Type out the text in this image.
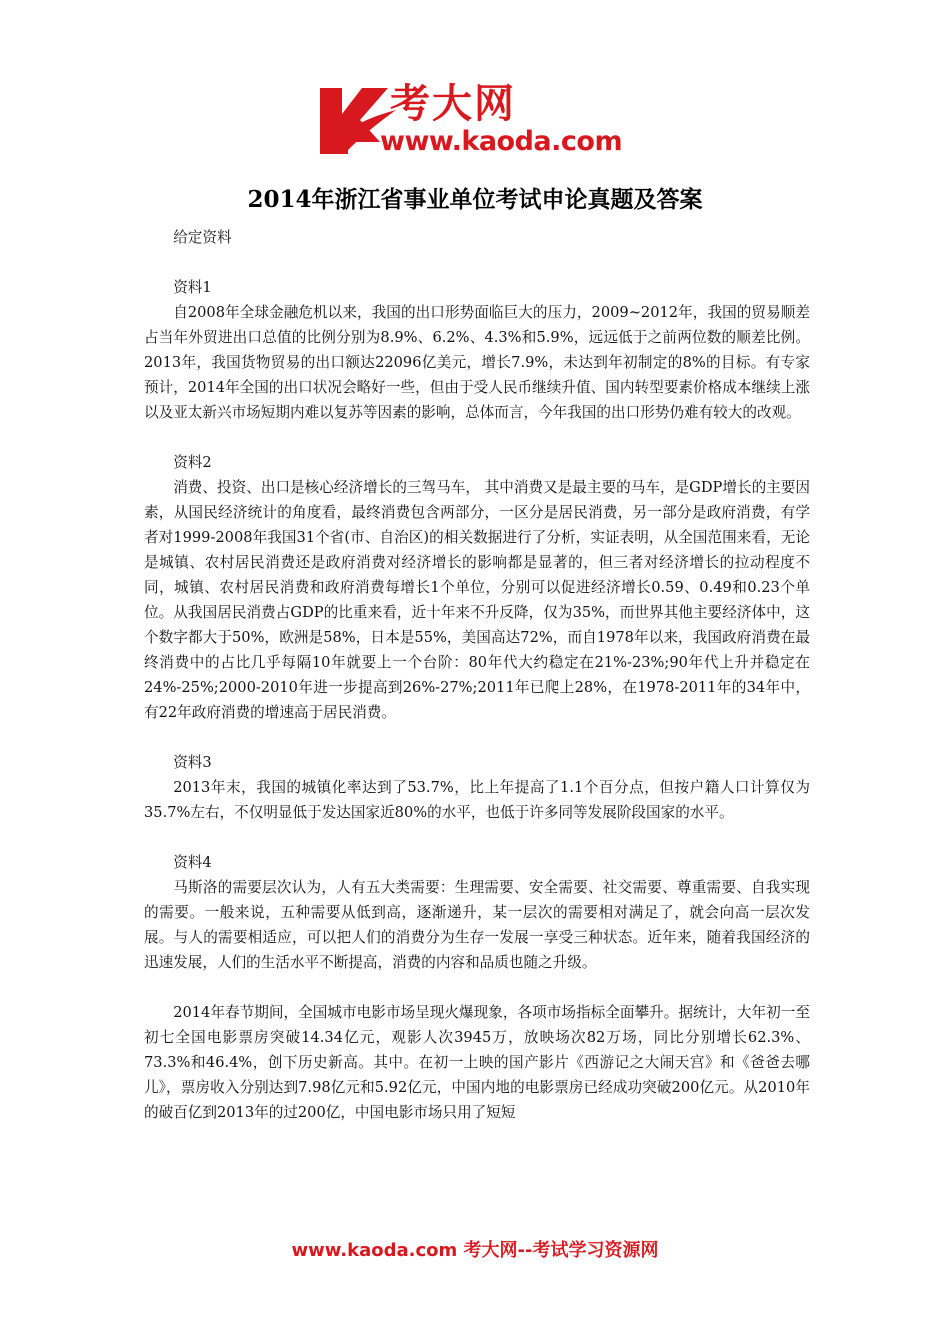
考大网
www.kaoda.com
2014年浙江省事业单位考试申论真题及答案

给定资料

资料1

自2008年全球金融危机以来，我国的出口形势面临巨大的压力，2009~2012年，我国的贸易顺差占当年外贸进出口总值的比例分别为8.9%、6.2%、4.3%和5.9%，远远低于之前两位数的顺差比例。2013年，我国货物贸易的出口额达22096亿美元，增长7.9%，未达到年初制定的8%的目标。有专家预计，2014年全国的出口状况会略好一些，但由于受人民币继续升值、国内转型要素价格成本继续上涨以及亚太新兴市场短期内难以复苏等因素的影响，总体而言，今年我国的出口形势仍难有较大的改观。

资料2

消费、投资、出口是核心经济增长的三驾马车， 其中消费又是最主要的马车，是GDP增长的主要因素，从国民经济统计的角度看，最终消费包含两部分，一区分是居民消费，另一部分是政府消费，有学者对1999-2008年我国31个省(市、自治区)的相关数据进行了分析，实证表明，从全国范围来看，无论是城镇、农村居民消费还是政府消费对经济增长的影响都是显著的，但三者对经济增长的拉动程度不同，城镇、农村居民消费和政府消费每增长1个单位，分别可以促进经济增长0.59、0.49和0.23个单位。从我国居民消费占GDP的比重来看，近十年来不升反降，仅为35%，而世界其他主要经济体中，这个数字都大于50%，欧洲是58%，日本是55%，美国高达72%，而自1978年以来，我国政府消费在最终消费中的占比几乎每隔10年就要上一个台阶：80年代大约稳定在21%-23%;90年代上升并稳定在24%-25%;2000-2010年进一步提高到26%-27%;2011年已爬上28%，在1978-2011年的34年中，有22年政府消费的增速高于居民消费。

资料3

2013年末，我国的城镇化率达到了53.7%，比上年提高了1.1个百分点，但按户籍人口计算仅为35.7%左右，不仅明显低于发达国家近80%的水平，也低于许多同等发展阶段国家的水平。

资料4

马斯洛的需要层次认为，人有五大类需要：生理需要、安全需要、社交需要、尊重需要、自我实现的需要。一般来说，五种需要从低到高，逐渐递升，某一层次的需要相对满足了，就会向高一层次发展。与人的需要相适应，可以把人们的消费分为生存一发展一享受三种状态。近年来，随着我国经济的迅速发展，人们的生活水平不断提高，消费的内容和品质也随之升级。

2014年春节期间，全国城市电影市场呈现火爆现象，各项市场指标全面攀升。据统计，大年初一至初七全国电影票房突破14.34亿元，观影人次3945万，放映场次82万场，同比分别增长62.3%、73.3%和46.4%，创下历史新高。其中。在初一上映的国产影片《西游记之大闹天宫》和《爸爸去哪儿》，票房收入分别达到7.98亿元和5.92亿元，中国内地的电影票房已经成功突破200亿元。从2010年的破百亿到2013年的过200亿，中国电影市场只用了短短

www.kaoda.com 考大网--考试学习资源网
